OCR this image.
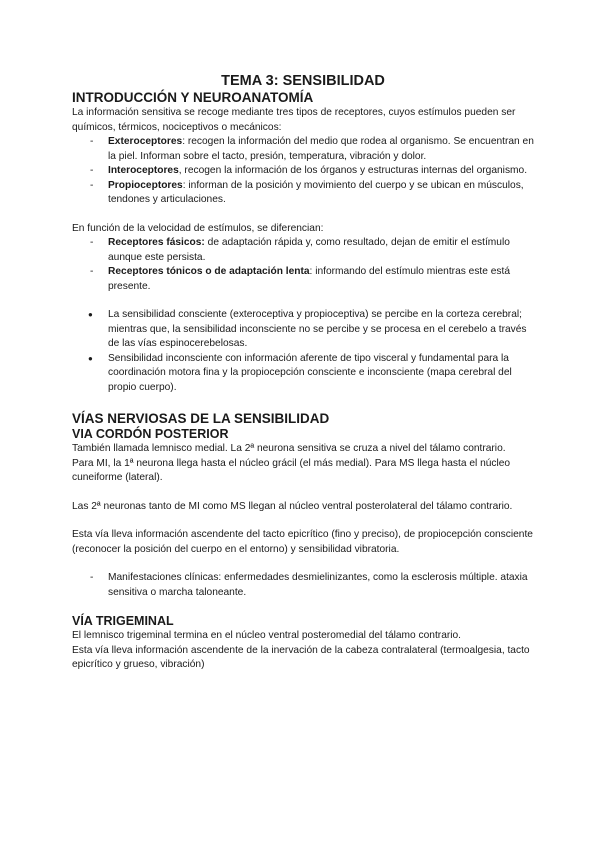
TEMA 3: SENSIBILIDAD
INTRODUCCIÓN Y NEUROANATOMÍA

La información sensitiva se recoge mediante tres tipos de receptores, cuyos estímulos pueden ser químicos, térmicos, nociceptivos o mecánicos:

- Exteroceptores: recogen la información del medio que rodea al organismo. Se encuentran en la piel. Informan sobre el tacto, presión, temperatura, vibración y dolor.
- Interoceptores, recogen la información de los órganos y estructuras internas del organismo.
- Propioceptores: informan de la posición y movimiento del cuerpo y se ubican en músculos, tendones y articulaciones.

En función de la velocidad de estímulos, se diferencian:

- Receptores fásicos: de adaptación rápida y, como resultado, dejan de emitir el estímulo aunque este persista.
- Receptores tónicos o de adaptación lenta: informando del estímulo mientras este está presente.
● La sensibilidad consciente (exteroceptiva y propioceptiva) se percibe en la corteza cerebral; mientras que, la sensibilidad inconsciente no se percibe y se procesa en el cerebelo a través de las vías espinocerebelosas.
● Sensibilidad inconsciente con información aferente de tipo visceral y fundamental para la coordinación motora fina y la propiocepción consciente e inconsciente (mapa cerebral del propio cuerpo).
VÍAS NERVIOSAS DE LA SENSIBILIDAD
VIA CORDÓN POSTERIOR

También llamada lemnisco medial. La 2ª neurona sensitiva se cruza a nivel del tálamo contrario.

Para MI, la 1ª neurona llega hasta el núcleo grácil (el más medial). Para MS llega hasta el núcleo cuneiforme (lateral).

Las 2ª neuronas tanto de MI como MS llegan al núcleo ventral posterolateral del tálamo contrario.

Esta vía lleva información ascendente del tacto epicrítico (fino y preciso), de propiocepción consciente (reconocer la posición del cuerpo en el entorno) y sensibilidad vibratoria.

- Manifestaciones clínicas: enfermedades desmielinizantes, como la esclerosis múltiple. ataxia sensitiva o marcha taloneante.
VÍA TRIGEMINAL

El lemnisco trigeminal termina en el núcleo ventral posteromedial del tálamo contrario.

Esta vía lleva información ascendente de la inervación de la cabeza contralateral (termoalgesia, tacto epicrítico y grueso, vibración)
